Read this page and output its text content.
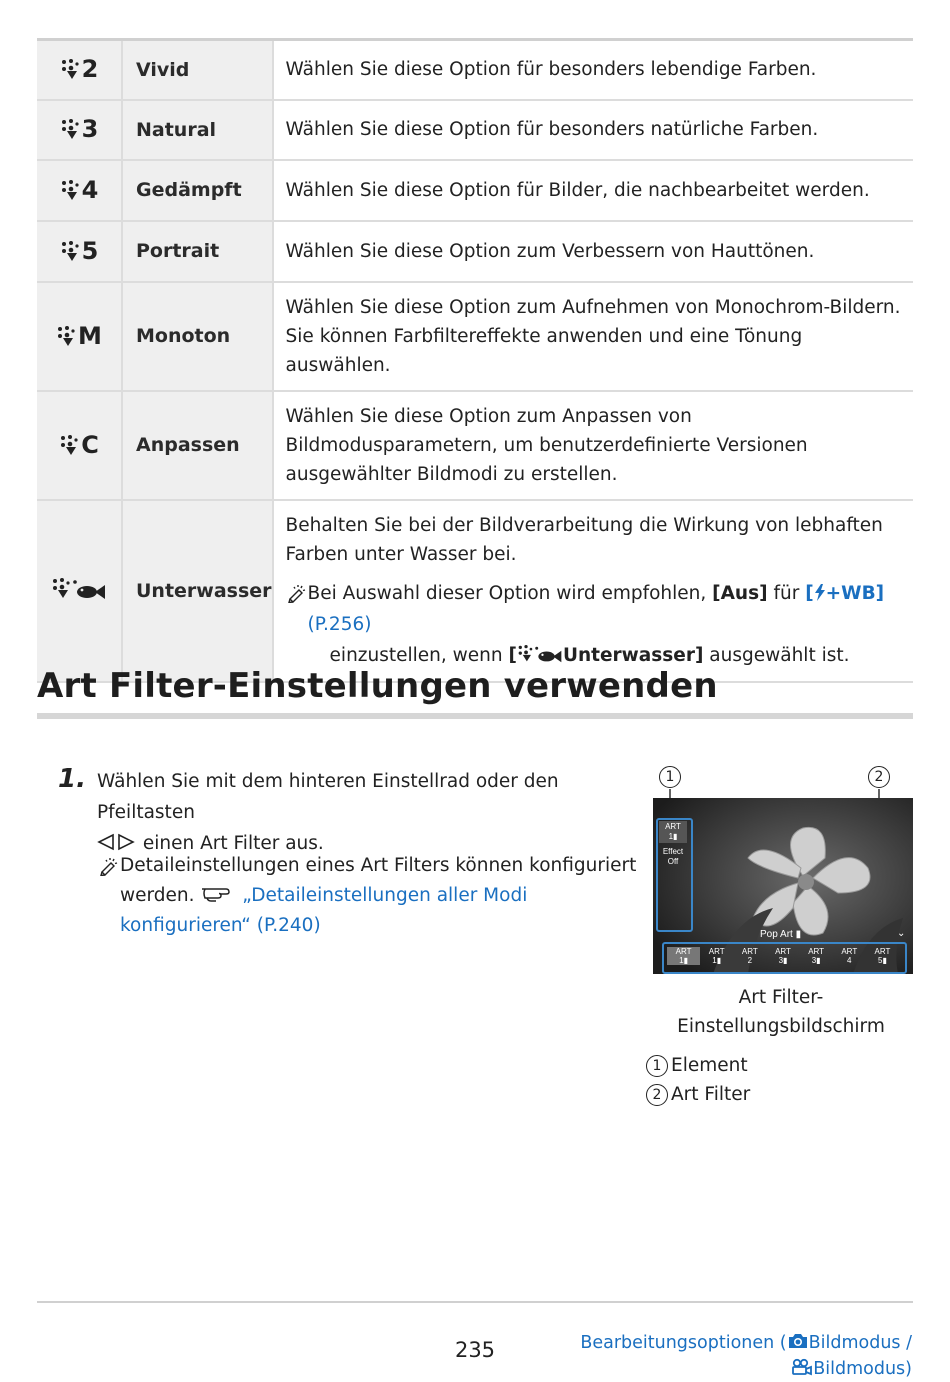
2	Vivid	Wählen Sie diese Option für besonders lebendige Farben.

3	Natural	Wählen Sie diese Option für besonders natürliche Farben.

4	Gedämpft	Wählen Sie diese Option für Bilder, die nachbearbeitet werden.

5	Portrait	Wählen Sie diese Option zum Verbessern von Hauttönen.

M	Monoton	Wählen Sie diese Option zum Aufnehmen von Monochrom-Bildern. Sie können Farbfiltereffekte anwenden und eine Tönung auswählen.

C	Anpassen	Wählen Sie diese Option zum Anpassen von Bildmodusparametern, um benutzerdefinierte Versionen ausgewählter Bildmodi zu erstellen.

	Unterwasser	Behalten Sie bei der Bildverarbeitung die Wirkung von lebhaften Farben unter Wasser bei.
Bei Auswahl dieser Option wird empfohlen, [Aus] für [ +WB] (P.256)
einzustellen, wenn [ Unterwasser] ausgewählt ist.
Art Filter-Einstellungen verwenden
1. Wählen Sie mit dem hinteren Einstellrad oder den Pfeiltasten
einen Art Filter aus.
Detaileinstellungen eines Art Filters können konfiguriert werden.  „Detaileinstellungen aller Modi konfigurieren“ (P.240)
1	2
ART
1▮
Effect
Off
Pop Art ▮	⌄
ART
1▮
ART
1▮
ART
2
ART
3▮
ART
3▮
ART
4
ART
5▮
Art Filter-Einstellungsbildschirm
1 Element
2 Art Filter
235	Bearbeitungsoptionen ( Bildmodus /
Bildmodus)
